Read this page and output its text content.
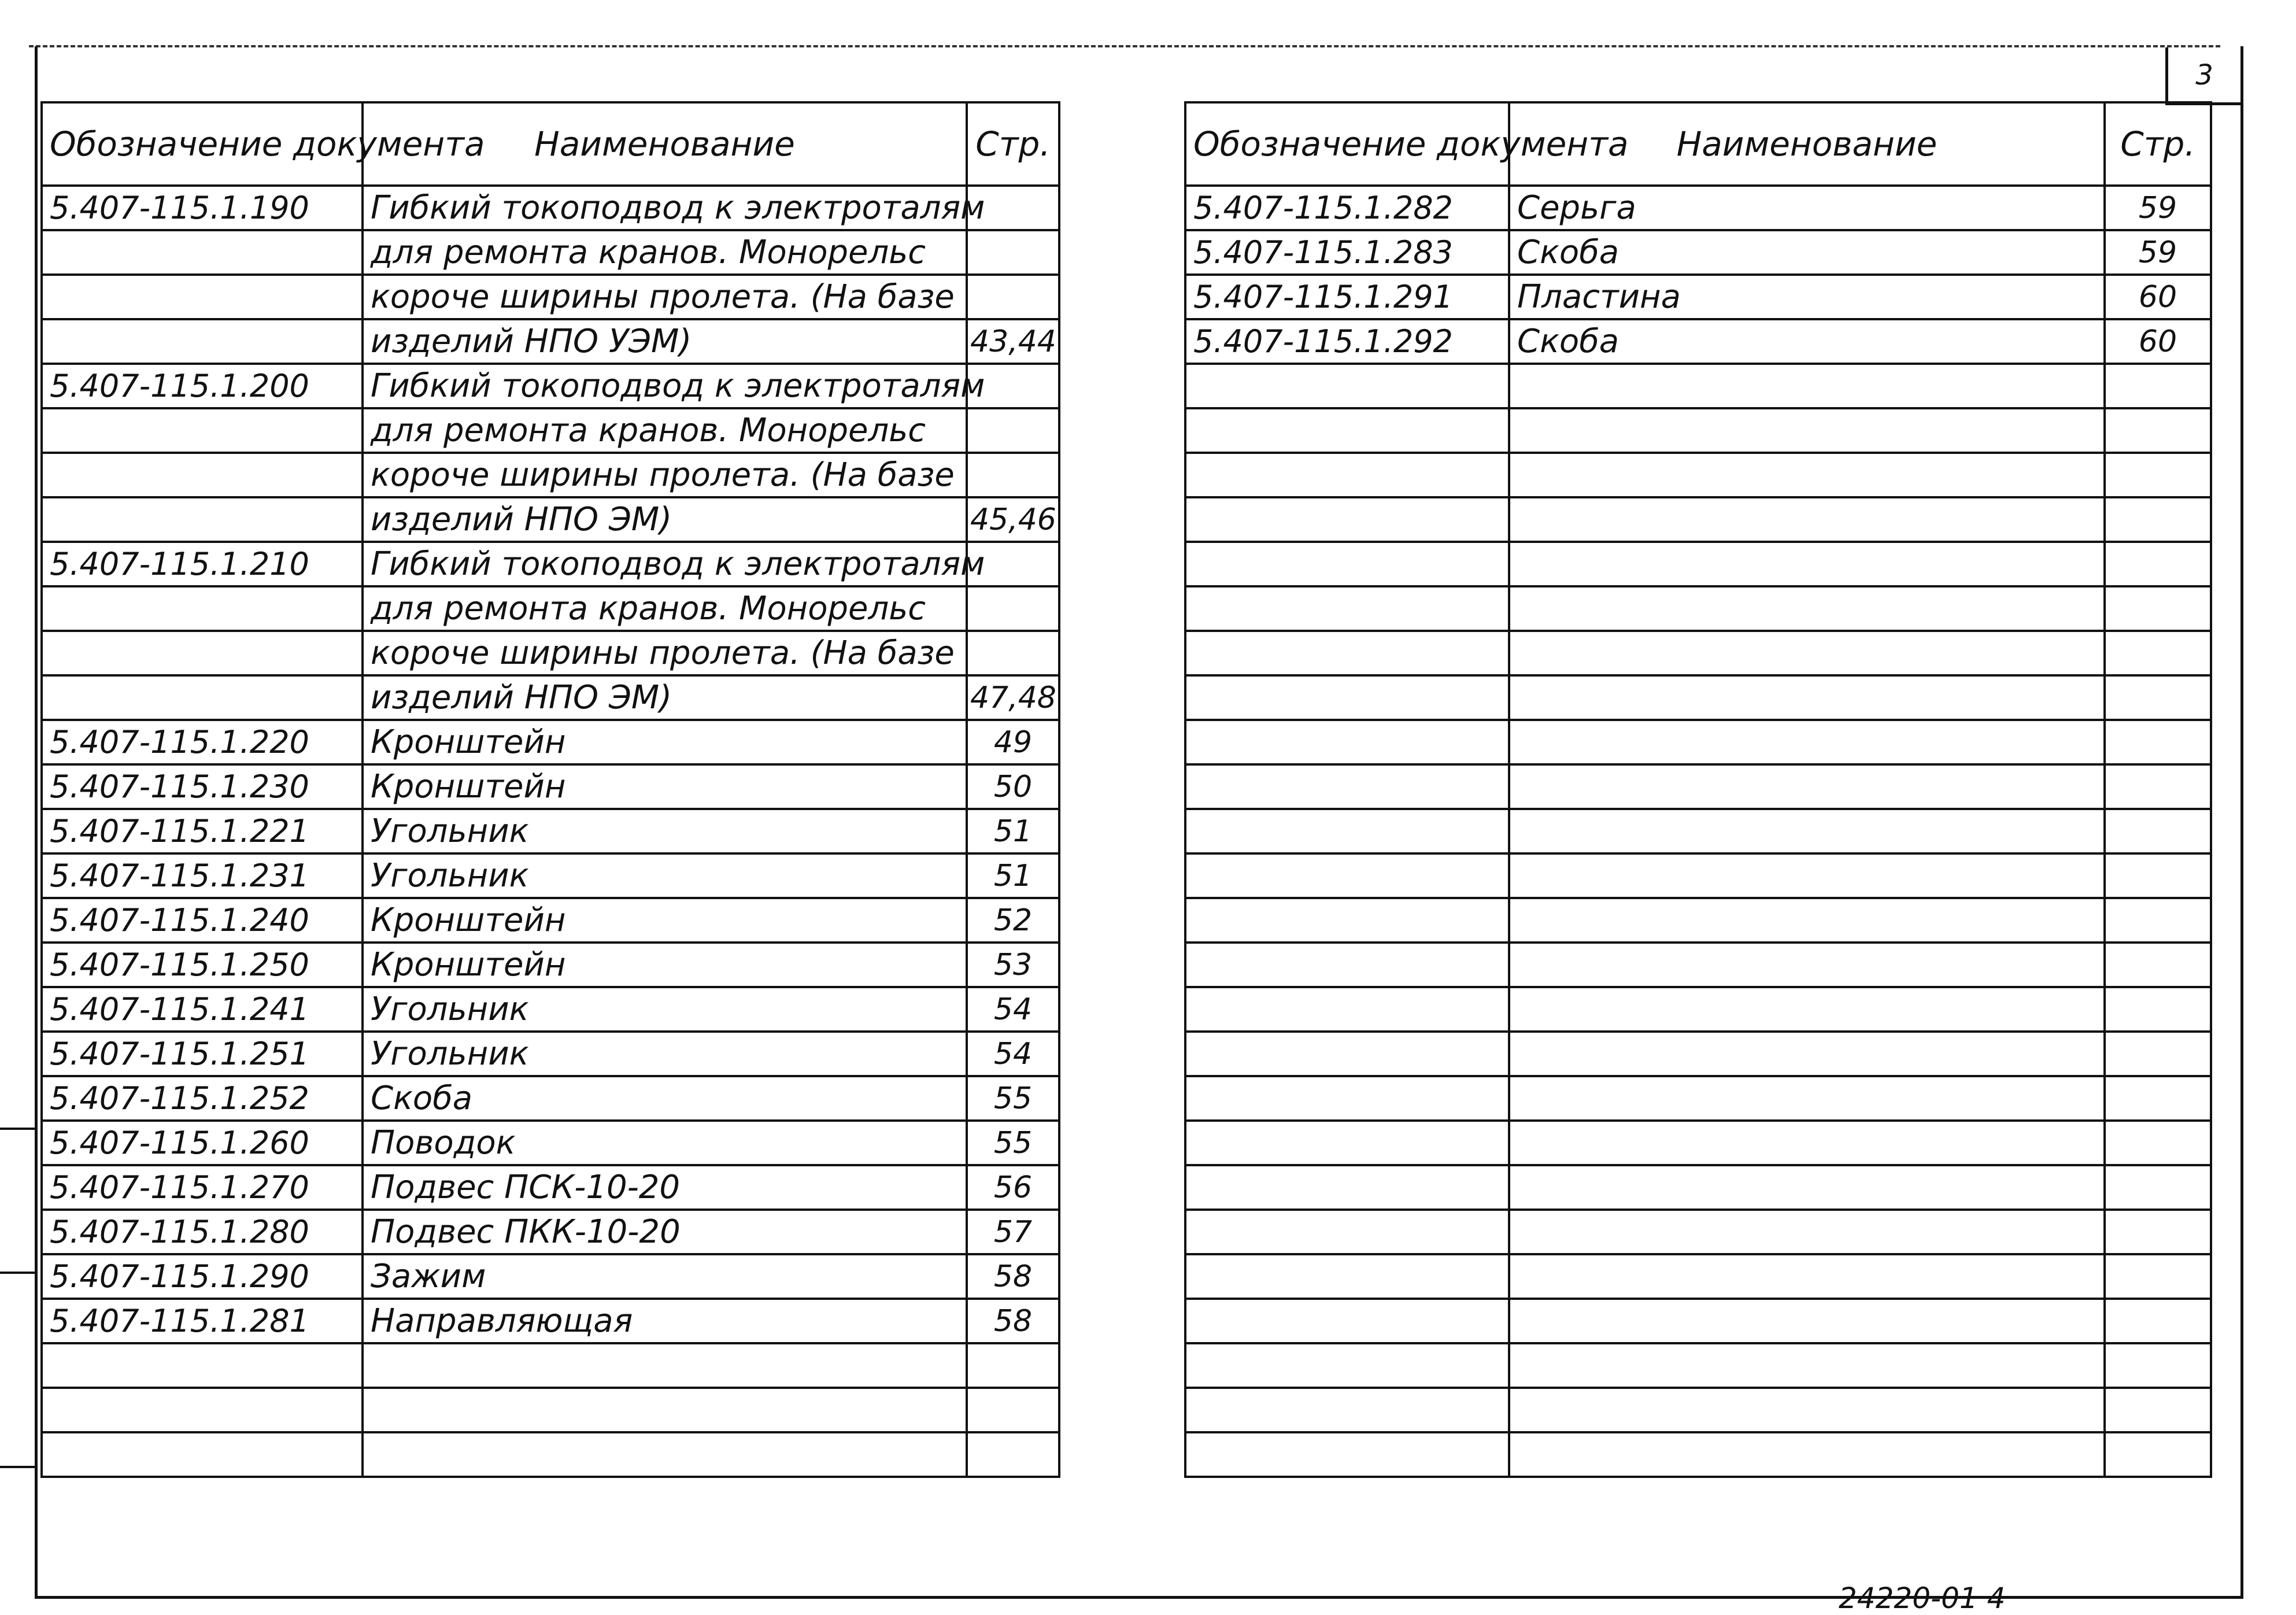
3
Обозначение документа	Наименование	Стр.
5.407-115.1.190	Гибкий токоподвод к электроталям	
	для ремонта кранов. Монорельс	
	короче ширины пролета. (На базе	
	изделий НПО УЭМ)	43,44
5.407-115.1.200	Гибкий токоподвод к электроталям	
	для ремонта кранов. Монорельс	
	короче ширины пролета. (На базе	
	изделий НПО ЭМ)	45,46
5.407-115.1.210	Гибкий токоподвод к электроталям	
	для ремонта кранов. Монорельс	
	короче ширины пролета. (На базе	
	изделий НПО ЭМ)	47,48
5.407-115.1.220	Кронштейн	49
5.407-115.1.230	Кронштейн	50
5.407-115.1.221	Угольник	51
5.407-115.1.231	Угольник	51
5.407-115.1.240	Кронштейн	52
5.407-115.1.250	Кронштейн	53
5.407-115.1.241	Угольник	54
5.407-115.1.251	Угольник	54
5.407-115.1.252	Скоба	55
5.407-115.1.260	Поводок	55
5.407-115.1.270	Подвес ПСК-10-20	56
5.407-115.1.280	Подвес ПКК-10-20	57
5.407-115.1.290	Зажим	58
5.407-115.1.281	Направляющая	58

Обозначение документа	Наименование	Стр.
5.407-115.1.282	Серьга	59
5.407-115.1.283	Скоба	59
5.407-115.1.291	Пластина	60
5.407-115.1.292	Скоба	60

24220-01 4
